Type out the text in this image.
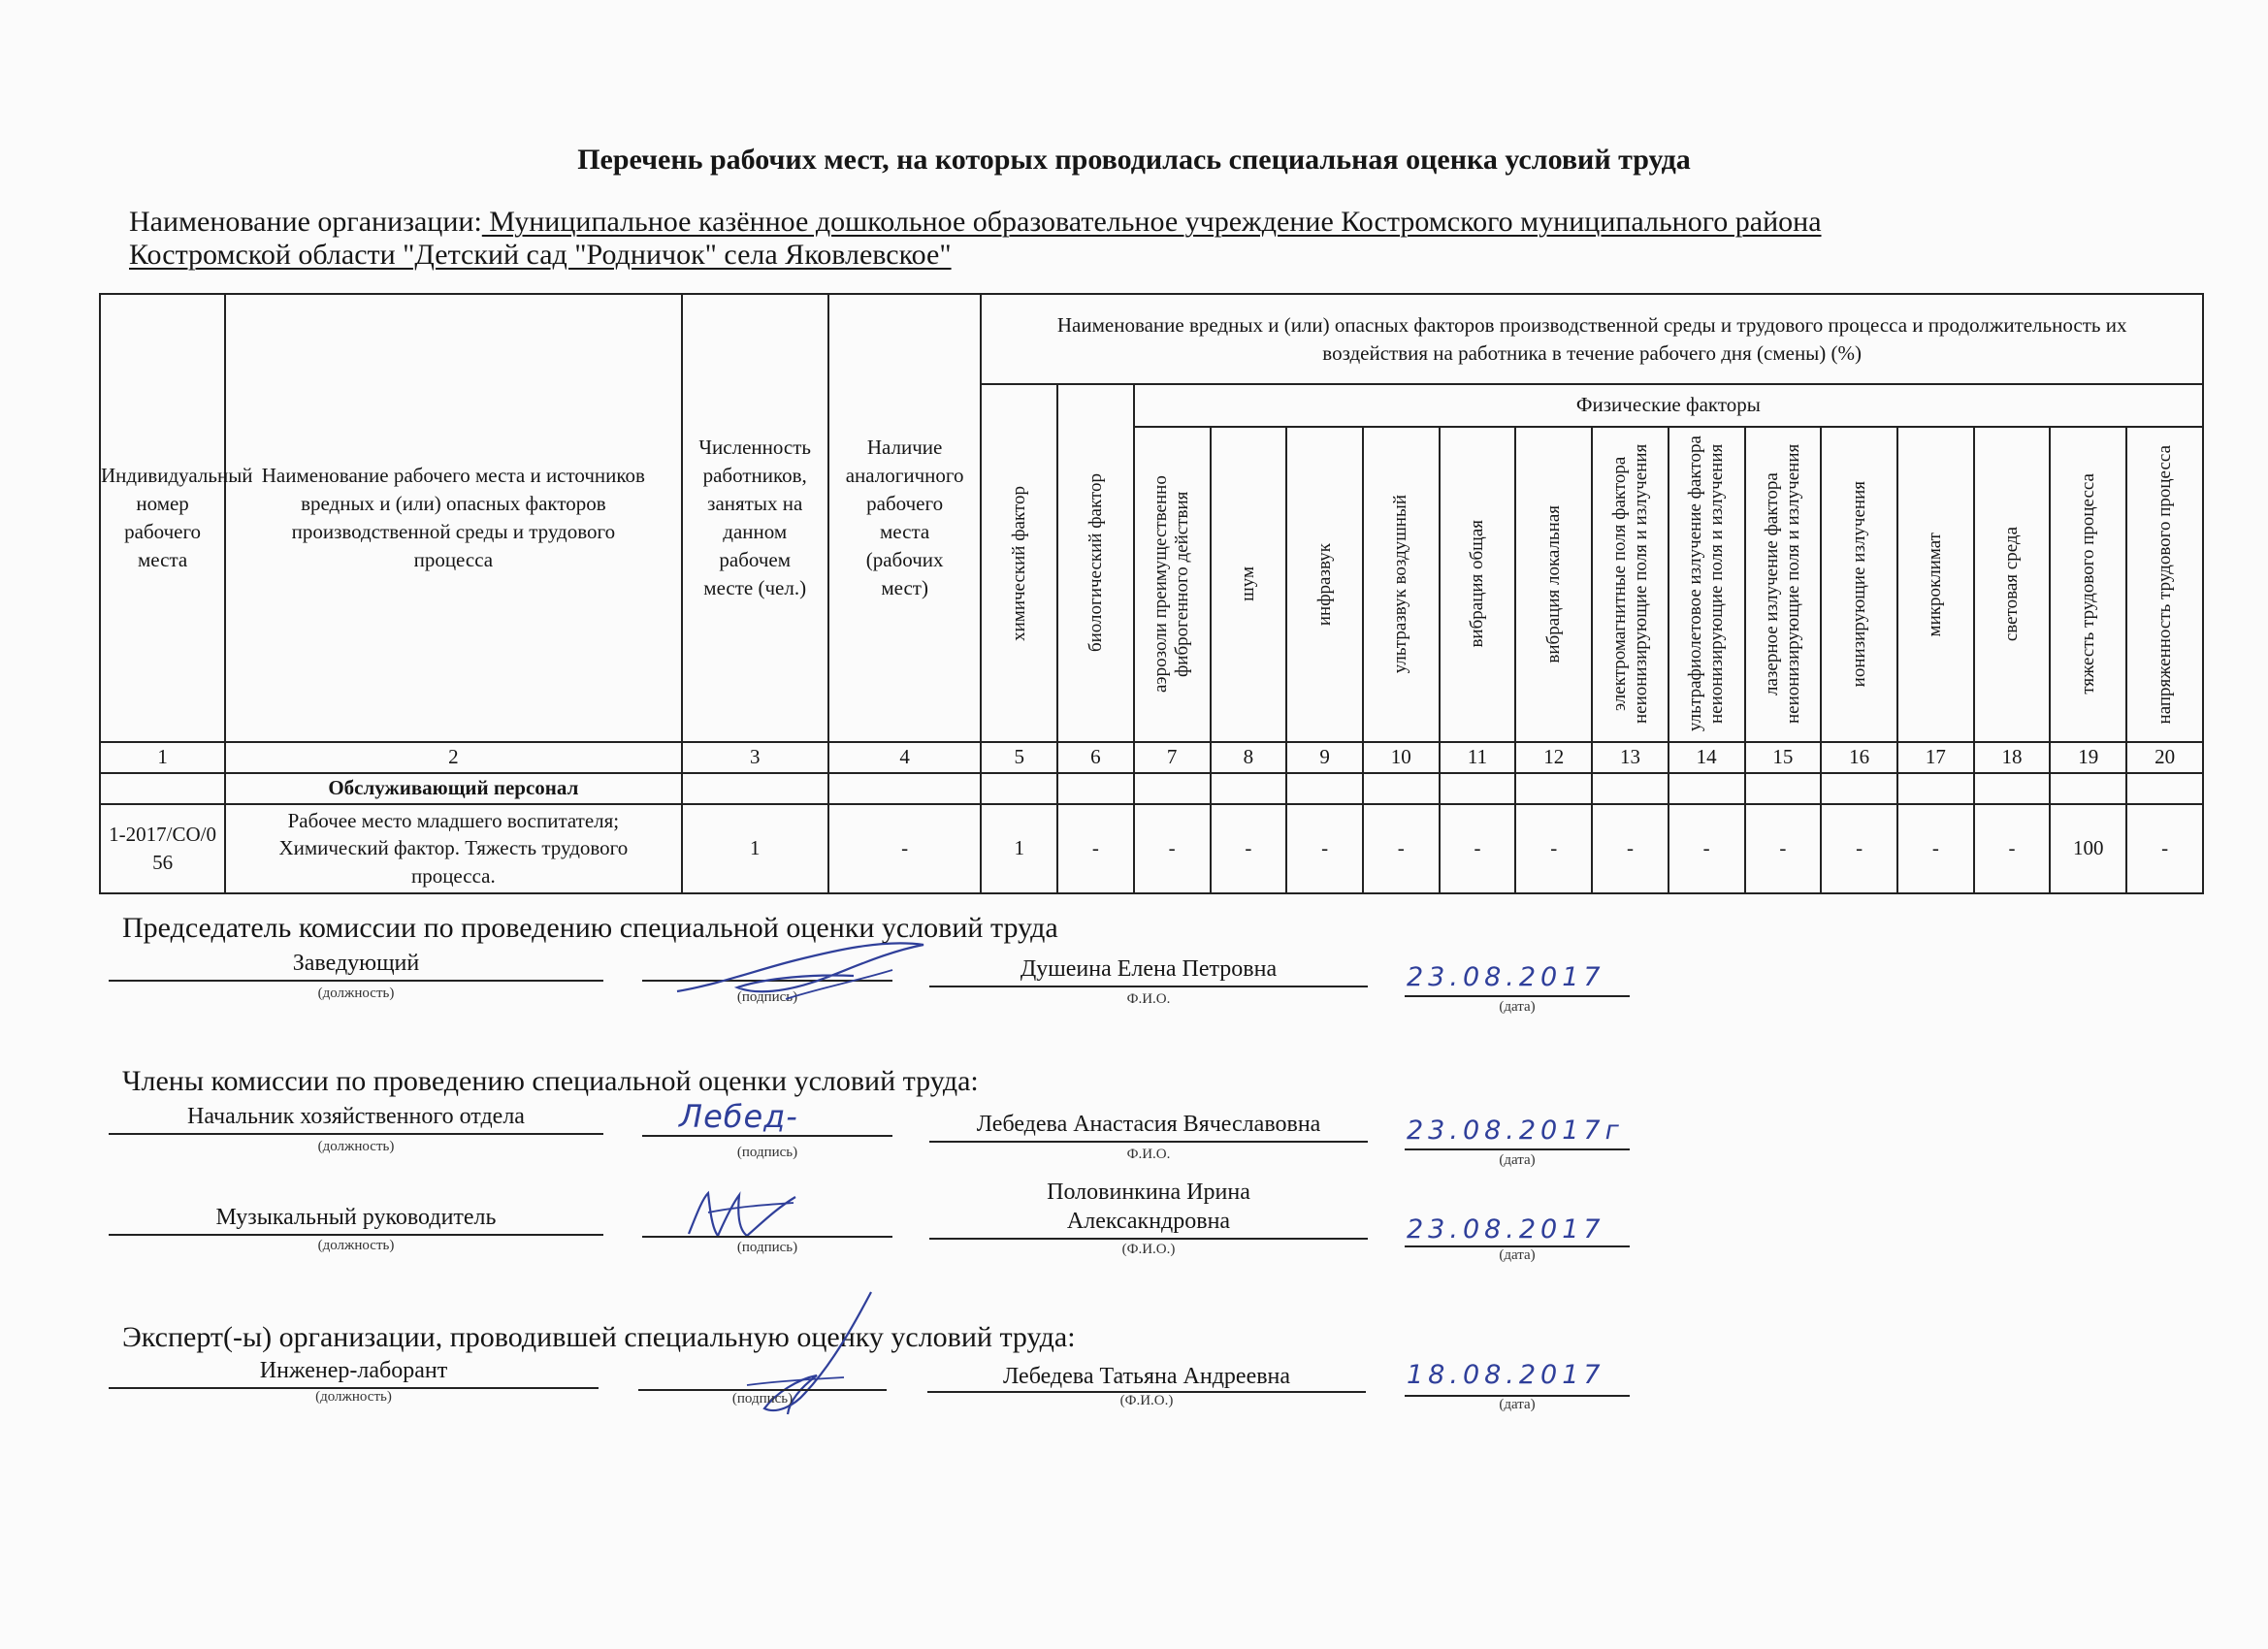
Перечень рабочих мест, на которых проводилась специальная оценка условий труда
Наименование организации: Муниципальное казённое дошкольное образовательное учреждение Костромского муниципального района
Костромской области "Детский сад "Родничок" села Яковлевское"
Индивидуальный номер рабочего места	Наименование рабочего места и источников вредных и (или) опасных факторов производственной среды и трудового процесса	Численность работников, занятых на данном рабочем месте (чел.)	Наличие аналогичного рабочего места (рабочих мест)	Наименование вредных и (или) опасных факторов производственной среды и трудового процесса и продолжительность их воздействия на работника в течение рабочего дня (смены) (%)															

				химический фактор	биологический фактор	Физические факторы													

						аэрозоли преимущественно фиброгенного действия	шум	инфразвук	ультразвук воздушный	вибрация общая	вибрация локальная	электромагнитные поля фактора неионизирующие поля и излучения	ультрафиолетовое излучение фактора неионизирующие поля и излучения	лазерное излучение фактора неионизирующие поля и излучения	ионизирующие излучения	микроклимат	световая среда	тяжесть трудового процесса	напряженность трудового процесса

1	2	3	4	5	6	7	8	9	10	11	12	13	14	15	16	17	18	19	20
	Обслуживающий персонал																		
1-2017/СО/056	Рабочее место младшего воспитателя; Химический фактор. Тяжесть трудового процесса.	1	-	1	-	-	-	-	-	-	-	-	-	-	-	-	-	100	-
Председатель комиссии по проведению специальной оценки условий труда
Заведующий
(должность)	(подпись)
Душеина Елена Петровна
Ф.И.О.
23.08.2017
(дата)
Члены комиссии по проведению специальной оценки условий труда:
Начальник хозяйственного отдела
(должность)
Лебед-
(подпись)
Лебедева Анастасия Вячеславовна
Ф.И.О.
23.08.2017г
(дата)
Музыкальный руководитель
(должность)	(подпись)
Половинкина Ирина
Алексакндровна
(Ф.И.О.)
23.08.2017
(дата)
Эксперт(-ы) организации, проводившей специальную оценку условий труда:
Инженер-лаборант
(должность)	(подпись)
Лебедева Татьяна Андреевна
(Ф.И.О.)
18.08.2017
(дата)
